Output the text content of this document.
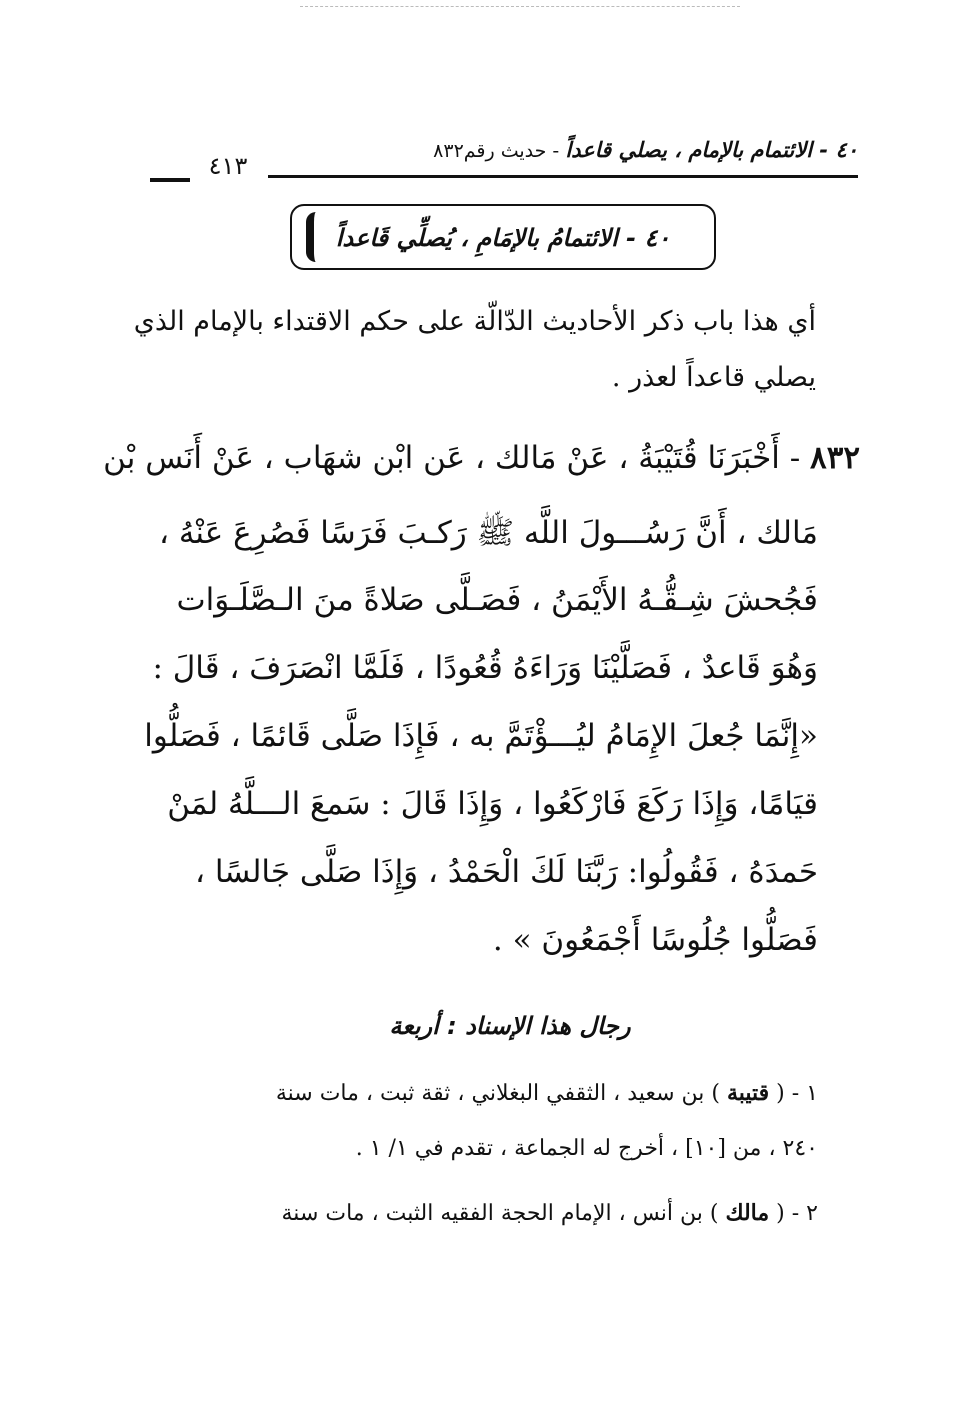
٤٠ - الائتمام بالإمام ، يصلي قاعداً - حديث رقم٨٣٢
٤١٣
٤٠ - الائتمامُ بالإمَامِ ، يُصلِّي قَاعداً
أي هذا باب ذكر الأحاديث الدّالّة على حكم الاقتداء بالإمام الذي
يصلي قاعداً لعذر .
٨٣٢ - أَخْبَرَنَا قُتَيْبَةُ ، عَنْ مَالك ، عَن ابْن شهَاب ، عَنْ أَنَس بْن
مَالك ، أَنَّ رَسُـــولَ اللَّه ﷺ رَكـبَ فَرَسًا فَصُرِعَ عَنْهُ ،
فَجُحشَ شِـقُّـهُ الأَيْمَنُ ، فَصَـلَّى صَلاةً منَ الـصَّلَـوَات
وَهُوَ قَاعدٌ ، فَصَلَّيْنَا وَرَاءَهُ قُعُودًا ، فَلَمَّا انْصَرَفَ ، قَالَ :
«إِنَّمَا جُعلَ الإِمَامُ ليُـــؤْتَمَّ به ، فَإِذَا صَلَّى قَائمًا ، فَصَلُّوا
قيَامًا، وَإِذَا رَكَعَ فَارْكَعُوا ، وَإِذَا قَالَ : سَمعَ الـــلَّهُ لمَنْ
حَمدَهُ ، فَقُولُوا: رَبَّنَا لَكَ الْحَمْدُ ، وَإِذَا صَلَّى جَالسًا ،
فَصَلُّوا جُلُوسًا أَجْمَعُونَ » .
رجال هذا الإسناد : أربعة
١ - ( قتيبة ) بن سعيد ، الثقفي البغلاني ، ثقة ثبت ، مات سنة
٢٤٠ ، من [١٠] ، أخرج له الجماعة ، تقدم في ١/ ١ .
٢ - ( مالك ) بن أنس ، الإمام الحجة الفقيه الثبت ، مات سنة
